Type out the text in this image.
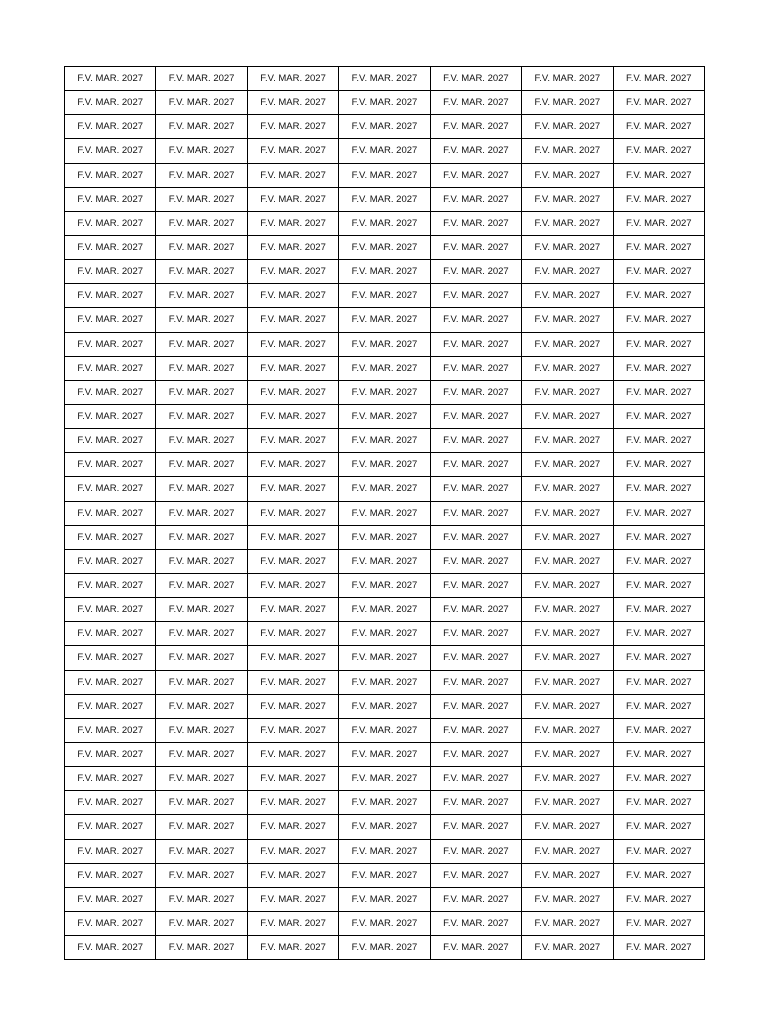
F.V. MAR. 2027	F.V. MAR. 2027	F.V. MAR. 2027	F.V. MAR. 2027	F.V. MAR. 2027	F.V. MAR. 2027	F.V. MAR. 2027
F.V. MAR. 2027	F.V. MAR. 2027	F.V. MAR. 2027	F.V. MAR. 2027	F.V. MAR. 2027	F.V. MAR. 2027	F.V. MAR. 2027
F.V. MAR. 2027	F.V. MAR. 2027	F.V. MAR. 2027	F.V. MAR. 2027	F.V. MAR. 2027	F.V. MAR. 2027	F.V. MAR. 2027
F.V. MAR. 2027	F.V. MAR. 2027	F.V. MAR. 2027	F.V. MAR. 2027	F.V. MAR. 2027	F.V. MAR. 2027	F.V. MAR. 2027
F.V. MAR. 2027	F.V. MAR. 2027	F.V. MAR. 2027	F.V. MAR. 2027	F.V. MAR. 2027	F.V. MAR. 2027	F.V. MAR. 2027
F.V. MAR. 2027	F.V. MAR. 2027	F.V. MAR. 2027	F.V. MAR. 2027	F.V. MAR. 2027	F.V. MAR. 2027	F.V. MAR. 2027
F.V. MAR. 2027	F.V. MAR. 2027	F.V. MAR. 2027	F.V. MAR. 2027	F.V. MAR. 2027	F.V. MAR. 2027	F.V. MAR. 2027
F.V. MAR. 2027	F.V. MAR. 2027	F.V. MAR. 2027	F.V. MAR. 2027	F.V. MAR. 2027	F.V. MAR. 2027	F.V. MAR. 2027
F.V. MAR. 2027	F.V. MAR. 2027	F.V. MAR. 2027	F.V. MAR. 2027	F.V. MAR. 2027	F.V. MAR. 2027	F.V. MAR. 2027
F.V. MAR. 2027	F.V. MAR. 2027	F.V. MAR. 2027	F.V. MAR. 2027	F.V. MAR. 2027	F.V. MAR. 2027	F.V. MAR. 2027
F.V. MAR. 2027	F.V. MAR. 2027	F.V. MAR. 2027	F.V. MAR. 2027	F.V. MAR. 2027	F.V. MAR. 2027	F.V. MAR. 2027
F.V. MAR. 2027	F.V. MAR. 2027	F.V. MAR. 2027	F.V. MAR. 2027	F.V. MAR. 2027	F.V. MAR. 2027	F.V. MAR. 2027
F.V. MAR. 2027	F.V. MAR. 2027	F.V. MAR. 2027	F.V. MAR. 2027	F.V. MAR. 2027	F.V. MAR. 2027	F.V. MAR. 2027
F.V. MAR. 2027	F.V. MAR. 2027	F.V. MAR. 2027	F.V. MAR. 2027	F.V. MAR. 2027	F.V. MAR. 2027	F.V. MAR. 2027
F.V. MAR. 2027	F.V. MAR. 2027	F.V. MAR. 2027	F.V. MAR. 2027	F.V. MAR. 2027	F.V. MAR. 2027	F.V. MAR. 2027
F.V. MAR. 2027	F.V. MAR. 2027	F.V. MAR. 2027	F.V. MAR. 2027	F.V. MAR. 2027	F.V. MAR. 2027	F.V. MAR. 2027
F.V. MAR. 2027	F.V. MAR. 2027	F.V. MAR. 2027	F.V. MAR. 2027	F.V. MAR. 2027	F.V. MAR. 2027	F.V. MAR. 2027
F.V. MAR. 2027	F.V. MAR. 2027	F.V. MAR. 2027	F.V. MAR. 2027	F.V. MAR. 2027	F.V. MAR. 2027	F.V. MAR. 2027
F.V. MAR. 2027	F.V. MAR. 2027	F.V. MAR. 2027	F.V. MAR. 2027	F.V. MAR. 2027	F.V. MAR. 2027	F.V. MAR. 2027
F.V. MAR. 2027	F.V. MAR. 2027	F.V. MAR. 2027	F.V. MAR. 2027	F.V. MAR. 2027	F.V. MAR. 2027	F.V. MAR. 2027
F.V. MAR. 2027	F.V. MAR. 2027	F.V. MAR. 2027	F.V. MAR. 2027	F.V. MAR. 2027	F.V. MAR. 2027	F.V. MAR. 2027
F.V. MAR. 2027	F.V. MAR. 2027	F.V. MAR. 2027	F.V. MAR. 2027	F.V. MAR. 2027	F.V. MAR. 2027	F.V. MAR. 2027
F.V. MAR. 2027	F.V. MAR. 2027	F.V. MAR. 2027	F.V. MAR. 2027	F.V. MAR. 2027	F.V. MAR. 2027	F.V. MAR. 2027
F.V. MAR. 2027	F.V. MAR. 2027	F.V. MAR. 2027	F.V. MAR. 2027	F.V. MAR. 2027	F.V. MAR. 2027	F.V. MAR. 2027
F.V. MAR. 2027	F.V. MAR. 2027	F.V. MAR. 2027	F.V. MAR. 2027	F.V. MAR. 2027	F.V. MAR. 2027	F.V. MAR. 2027
F.V. MAR. 2027	F.V. MAR. 2027	F.V. MAR. 2027	F.V. MAR. 2027	F.V. MAR. 2027	F.V. MAR. 2027	F.V. MAR. 2027
F.V. MAR. 2027	F.V. MAR. 2027	F.V. MAR. 2027	F.V. MAR. 2027	F.V. MAR. 2027	F.V. MAR. 2027	F.V. MAR. 2027
F.V. MAR. 2027	F.V. MAR. 2027	F.V. MAR. 2027	F.V. MAR. 2027	F.V. MAR. 2027	F.V. MAR. 2027	F.V. MAR. 2027
F.V. MAR. 2027	F.V. MAR. 2027	F.V. MAR. 2027	F.V. MAR. 2027	F.V. MAR. 2027	F.V. MAR. 2027	F.V. MAR. 2027
F.V. MAR. 2027	F.V. MAR. 2027	F.V. MAR. 2027	F.V. MAR. 2027	F.V. MAR. 2027	F.V. MAR. 2027	F.V. MAR. 2027
F.V. MAR. 2027	F.V. MAR. 2027	F.V. MAR. 2027	F.V. MAR. 2027	F.V. MAR. 2027	F.V. MAR. 2027	F.V. MAR. 2027
F.V. MAR. 2027	F.V. MAR. 2027	F.V. MAR. 2027	F.V. MAR. 2027	F.V. MAR. 2027	F.V. MAR. 2027	F.V. MAR. 2027
F.V. MAR. 2027	F.V. MAR. 2027	F.V. MAR. 2027	F.V. MAR. 2027	F.V. MAR. 2027	F.V. MAR. 2027	F.V. MAR. 2027
F.V. MAR. 2027	F.V. MAR. 2027	F.V. MAR. 2027	F.V. MAR. 2027	F.V. MAR. 2027	F.V. MAR. 2027	F.V. MAR. 2027
F.V. MAR. 2027	F.V. MAR. 2027	F.V. MAR. 2027	F.V. MAR. 2027	F.V. MAR. 2027	F.V. MAR. 2027	F.V. MAR. 2027
F.V. MAR. 2027	F.V. MAR. 2027	F.V. MAR. 2027	F.V. MAR. 2027	F.V. MAR. 2027	F.V. MAR. 2027	F.V. MAR. 2027
F.V. MAR. 2027	F.V. MAR. 2027	F.V. MAR. 2027	F.V. MAR. 2027	F.V. MAR. 2027	F.V. MAR. 2027	F.V. MAR. 2027
